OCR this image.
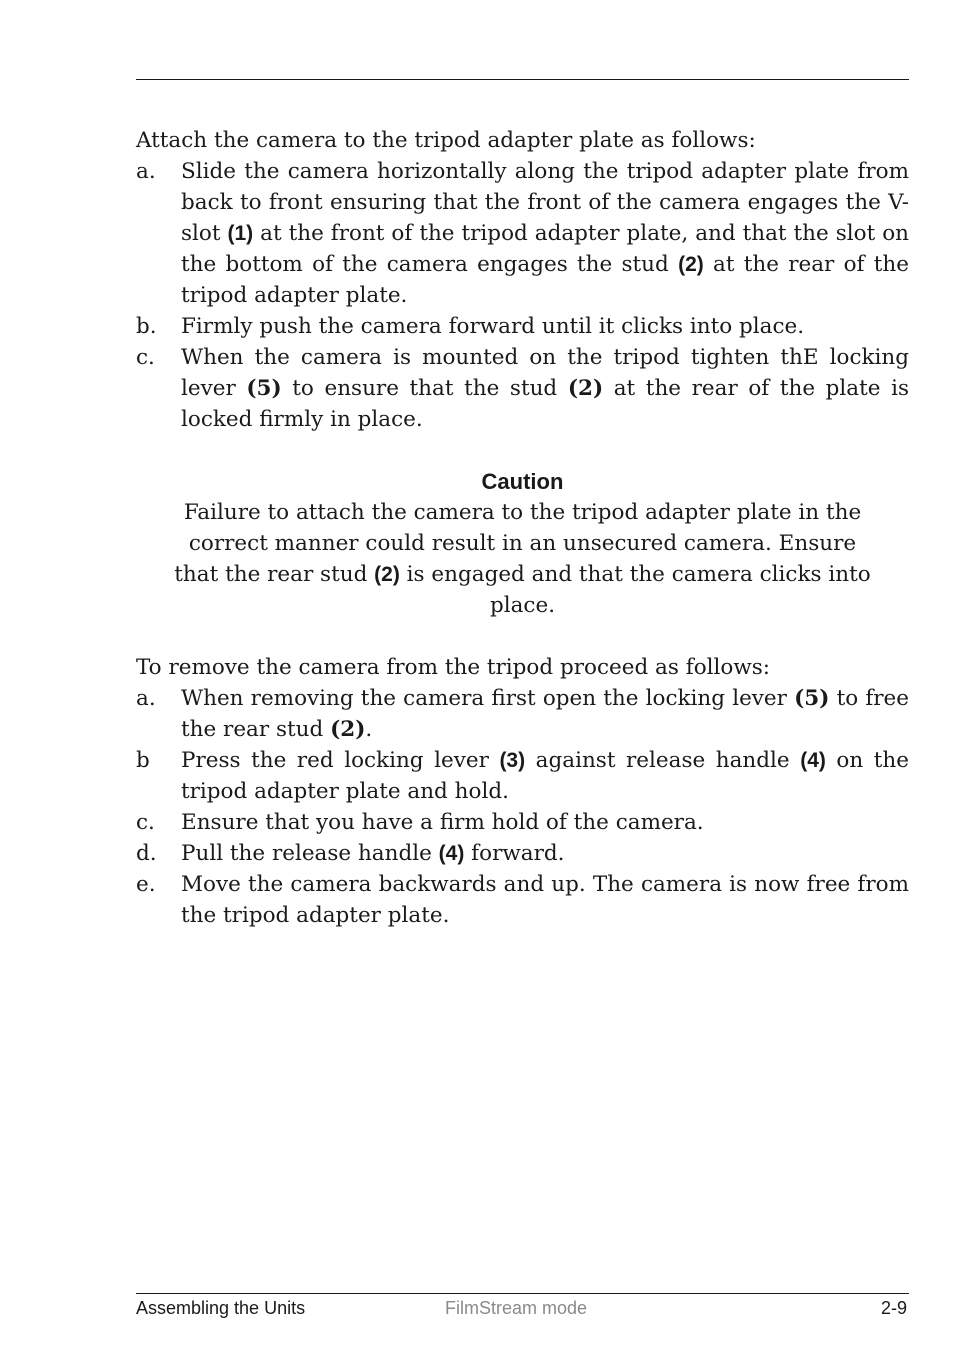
Attach the camera to the tripod adapter plate as follows:

a.	Slide the camera horizontally along the tripod adapter plate from back to front ensuring that the front of the camera engages the V-slot (1) at the front of the tripod adapter plate, and that the slot on the bottom of the camera engages the stud (2) at the rear of the tripod adapter plate.
b.	Firmly push the camera forward until it clicks into place.
c.	When the camera is mounted on the tripod tighten thE locking lever (5) to ensure that the stud (2) at the rear of the plate is locked firmly in place.
Caution
Failure to attach the camera to the tripod adapter plate in the correct manner could result in an unsecured camera. Ensure that the rear stud (2) is engaged and that the camera clicks into place.

To remove the camera from the tripod proceed as follows:

a.	When removing the camera first open the locking lever (5) to free the rear stud (2).
b	Press the red locking lever (3) against release handle (4) on the tripod adapter plate and hold.
c.	Ensure that you have a firm hold of the camera.
d.	Pull the release handle (4) forward.
e.	Move the camera backwards and up. The camera is now free from the tripod adapter plate.
Assembling the Units	FilmStream mode	2-9
